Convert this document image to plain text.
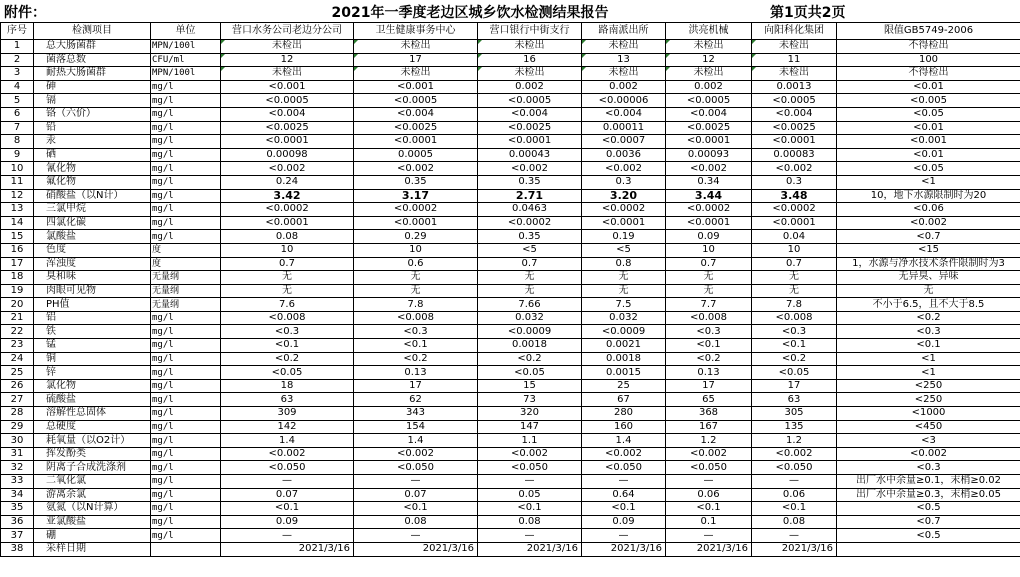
附件：	2021年一季度老边区城乡饮水检测结果报告	第1页共2页
序号	检测项目	单位	营口水务公司老边分公司	卫生健康事务中心	营口银行中街支行	路南派出所	洪亮机械	向阳科化集团	限值GB5749-2006
1	总大肠菌群	MPN/100l	未检出	未检出	未检出	未检出	未检出	未检出	不得检出
2	菌落总数	CFU/ml	12	17	16	13	12	11	100
3	耐热大肠菌群	MPN/100l	未检出	未检出	未检出	未检出	未检出	未检出	不得检出
4	砷	mg/l	<0.001	<0.001	0.002	0.002	0.002	0.0013	<0.01
5	镉	mg/l	<0.0005	<0.0005	<0.0005	<0.00006	<0.0005	<0.0005	<0.005
6	铬（六价）	mg/l	<0.004	<0.004	<0.004	<0.004	<0.004	<0.004	<0.05
7	铅	mg/l	<0.0025	<0.0025	<0.0025	0.00011	<0.0025	<0.0025	<0.01
8	汞	mg/l	<0.0001	<0.0001	<0.0001	<0.0007	<0.0001	<0.0001	<0.001
9	硒	mg/l	0.00098	0.0005	0.00043	0.0036	0.00093	0.00083	<0.01
10	氰化物	mg/l	<0.002	<0.002	<0.002	<0.002	<0.002	<0.002	<0.05
11	氟化物	mg/l	0.24	0.35	0.35	0.3	0.34	0.3	<1
12	硝酸盐（以N计）	mg/l	3.42	3.17	2.71	3.20	3.44	3.48	10，地下水源限制时为20
13	三氯甲烷	mg/l	<0.0002	<0.0002	0.0463	<0.0002	<0.0002	<0.0002	<0.06
14	四氯化碳	mg/l	<0.0001	<0.0001	<0.0002	<0.0001	<0.0001	<0.0001	<0.002
15	氯酸盐	mg/l	0.08	0.29	0.35	0.19	0.09	0.04	<0.7
16	色度	度	10	10	<5	<5	10	10	<15
17	浑浊度	度	0.7	0.6	0.7	0.8	0.7	0.7	1，水源与净水技术条件限制时为3
18	臭和味	无量纲	无	无	无	无	无	无	无异臭、异味
19	肉眼可见物	无量纲	无	无	无	无	无	无	无
20	PH值	无量纲	7.6	7.8	7.66	7.5	7.7	7.8	不小于6.5，且不大于8.5
21	铝	mg/l	<0.008	<0.008	0.032	0.032	<0.008	<0.008	<0.2
22	铁	mg/l	<0.3	<0.3	<0.0009	<0.0009	<0.3	<0.3	<0.3
23	锰	mg/l	<0.1	<0.1	0.0018	0.0021	<0.1	<0.1	<0.1
24	铜	mg/l	<0.2	<0.2	<0.2	0.0018	<0.2	<0.2	<1
25	锌	mg/l	<0.05	0.13	<0.05	0.0015	0.13	<0.05	<1
26	氯化物	mg/l	18	17	15	25	17	17	<250
27	硫酸盐	mg/l	63	62	73	67	65	63	<250
28	溶解性总固体	mg/l	309	343	320	280	368	305	<1000
29	总硬度	mg/l	142	154	147	160	167	135	<450
30	耗氧量（以O2计）	mg/l	1.4	1.4	1.1	1.4	1.2	1.2	<3
31	挥发酚类	mg/l	<0.002	<0.002	<0.002	<0.002	<0.002	<0.002	<0.002
32	阴离子合成洗涤剂	mg/l	<0.050	<0.050	<0.050	<0.050	<0.050	<0.050	<0.3
33	二氧化氯	mg/l	—	—	—	—	—	—	出厂水中余量≥0.1，末梢≥0.02
34	游离余氯	mg/l	0.07	0.07	0.05	0.64	0.06	0.06	出厂水中余量≥0.3，末梢≥0.05
35	氨氮（以N计算）	mg/l	<0.1	<0.1	<0.1	<0.1	<0.1	<0.1	<0.5
36	亚氯酸盐	mg/l	0.09	0.08	0.08	0.09	0.1	0.08	<0.7
37	硼	mg/l	—	—	—	—	—	—	<0.5
38	采样日期		2021/3/16	2021/3/16	2021/3/16	2021/3/16	2021/3/16	2021/3/16	
